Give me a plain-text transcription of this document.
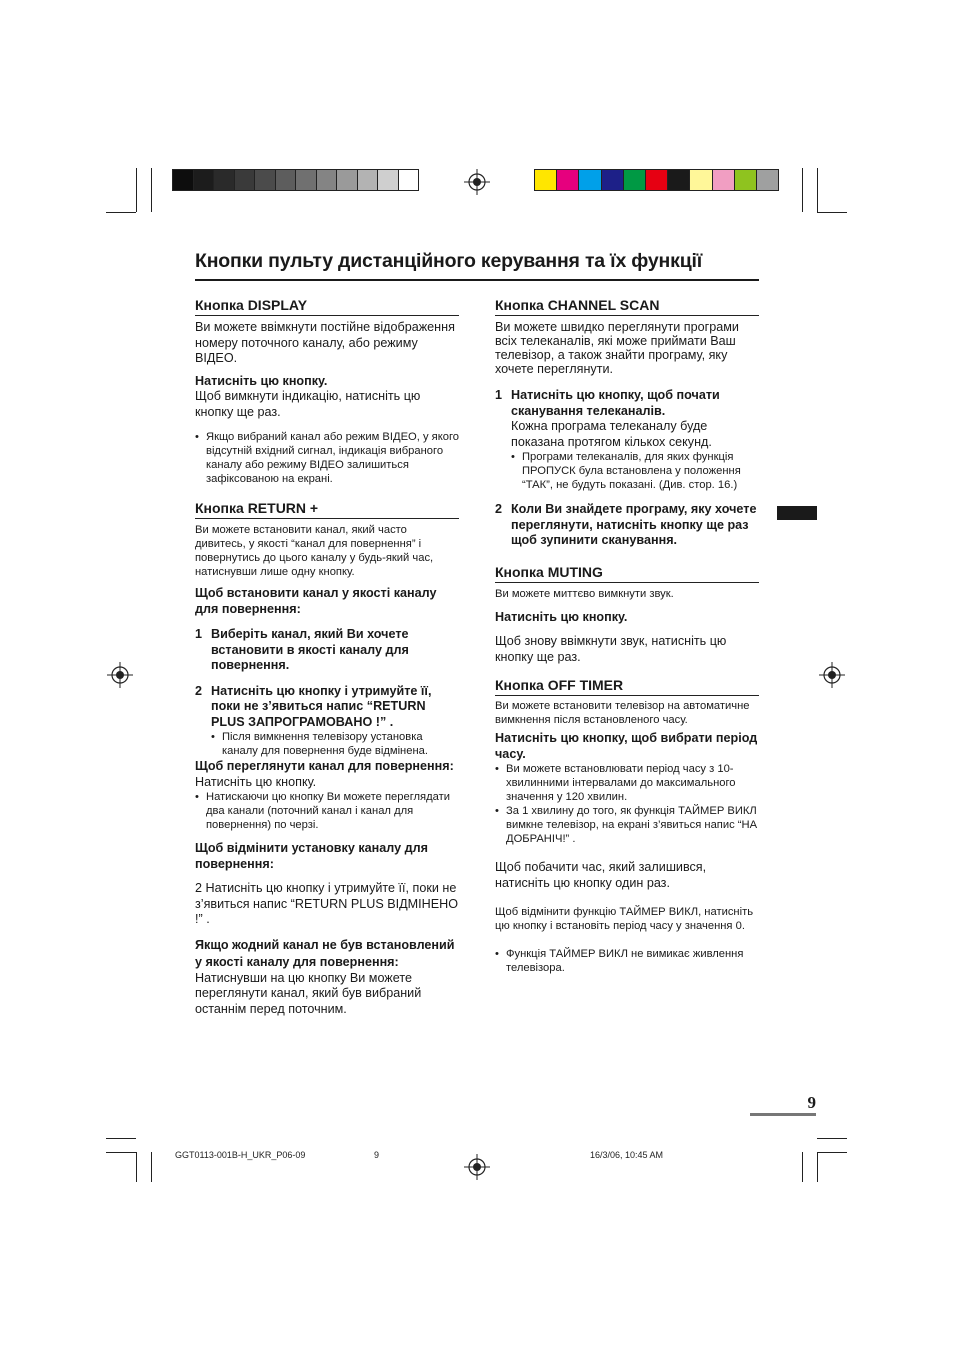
Кнопки пульту дистанційного керування та їх функції
Кнопка DISPLAY

Ви можете ввімкнути постійне відображення номеру поточного каналу, або режиму ВІДЕО.

Натисніть цю кнопку.
Щоб вимкнути індикацію, натисніть цю кнопку ще раз.

• Якщо вибраний канал або режим ВІДЕО, у якого відсутній вхідний сигнал, індикація вибраного каналу або режиму ВІДЕО залишиться зафіксованою на екрані.
Кнопка RETURN +

Ви можете встановити канал, який часто дивитесь, у якості “канал для повернення” і повернутись до цього каналу у будь-який час, натиснувши лише одну кнопку.

Щоб встановити канал у якості каналу для повернення:

1 Виберіть канал, який Ви хочете встановити в якості каналу для повернення.
2 Натисніть цю кнопку і утримуйте її, поки не з’явиться напис “RETURN PLUS ЗАПРОГРАМОВАНО !” .
• Після вимкнення телевізору установка каналу для повернення буде відмінена.

Щоб переглянути канал для повернення:

Натисніть цю кнопку.

• Натискаючи цю кнопку Ви можете переглядати два канали (поточний канал і канал для повернення) по черзі.

Щоб відмінити установку каналу для повернення:

2 Натисніть цю кнопку і утримуйте її, поки не з’явиться напис “RETURN PLUS ВІДМІНЕНО !” .

Якщо жодний канал не був встановлений у якості каналу для повернення:

Натиснувши на цю кнопку Ви можете переглянути канал, який був вибраний останнім перед поточним.

Кнопка CHANNEL SCAN

Ви можете швидко переглянути програми всіх телеканалів, які може приймати Ваш телевізор, а також знайти програму, яку хочете переглянути.

1 Натисніть цю кнопку, щоб почати сканування телеканалів.

Кожна програма телеканалу буде показана протягом кількох секунд.

• Програми телеканалів, для яких функція ПРОПУСК була встановлена у положення “ТАК”, не будуть показані. (Див. стор. 16.)
2 Коли Ви знайдете програму, яку хочете переглянути, натисніть кнопку ще раз щоб зупинити сканування.
Кнопка MUTING

Ви можете миттєво вимкнути звук.

Натисніть цю кнопку.

Щоб знову ввімкнути звук, натисніть цю кнопку ще раз.

Кнопка OFF TIMER

Ви можете встановити телевізор на автоматичне вимкнення після встановленого часу.

Натисніть цю кнопку, щоб вибрати період часу.

• Ви можете встановлювати період часу з 10-хвилинними інтервалами до максимального значення у 120 хвилин.
• За 1 хвилину до того, як функція ТАЙМЕР ВИКЛ вимкне телевізор, на екрані з’явиться напис “НА ДОБРАНІЧ!” .

Щоб побачити час, який залишився, натисніть цю кнопку один раз.

Щоб відмінити функцію ТАЙМЕР ВИКЛ, натисніть цю кнопку і встановіть період часу у значення 0.

• Функція ТАЙМЕР ВИКЛ не вимикає живлення телевізора.
9
GGT0113-001B-H_UKR_P06-09	9	16/3/06, 10:45 AM
